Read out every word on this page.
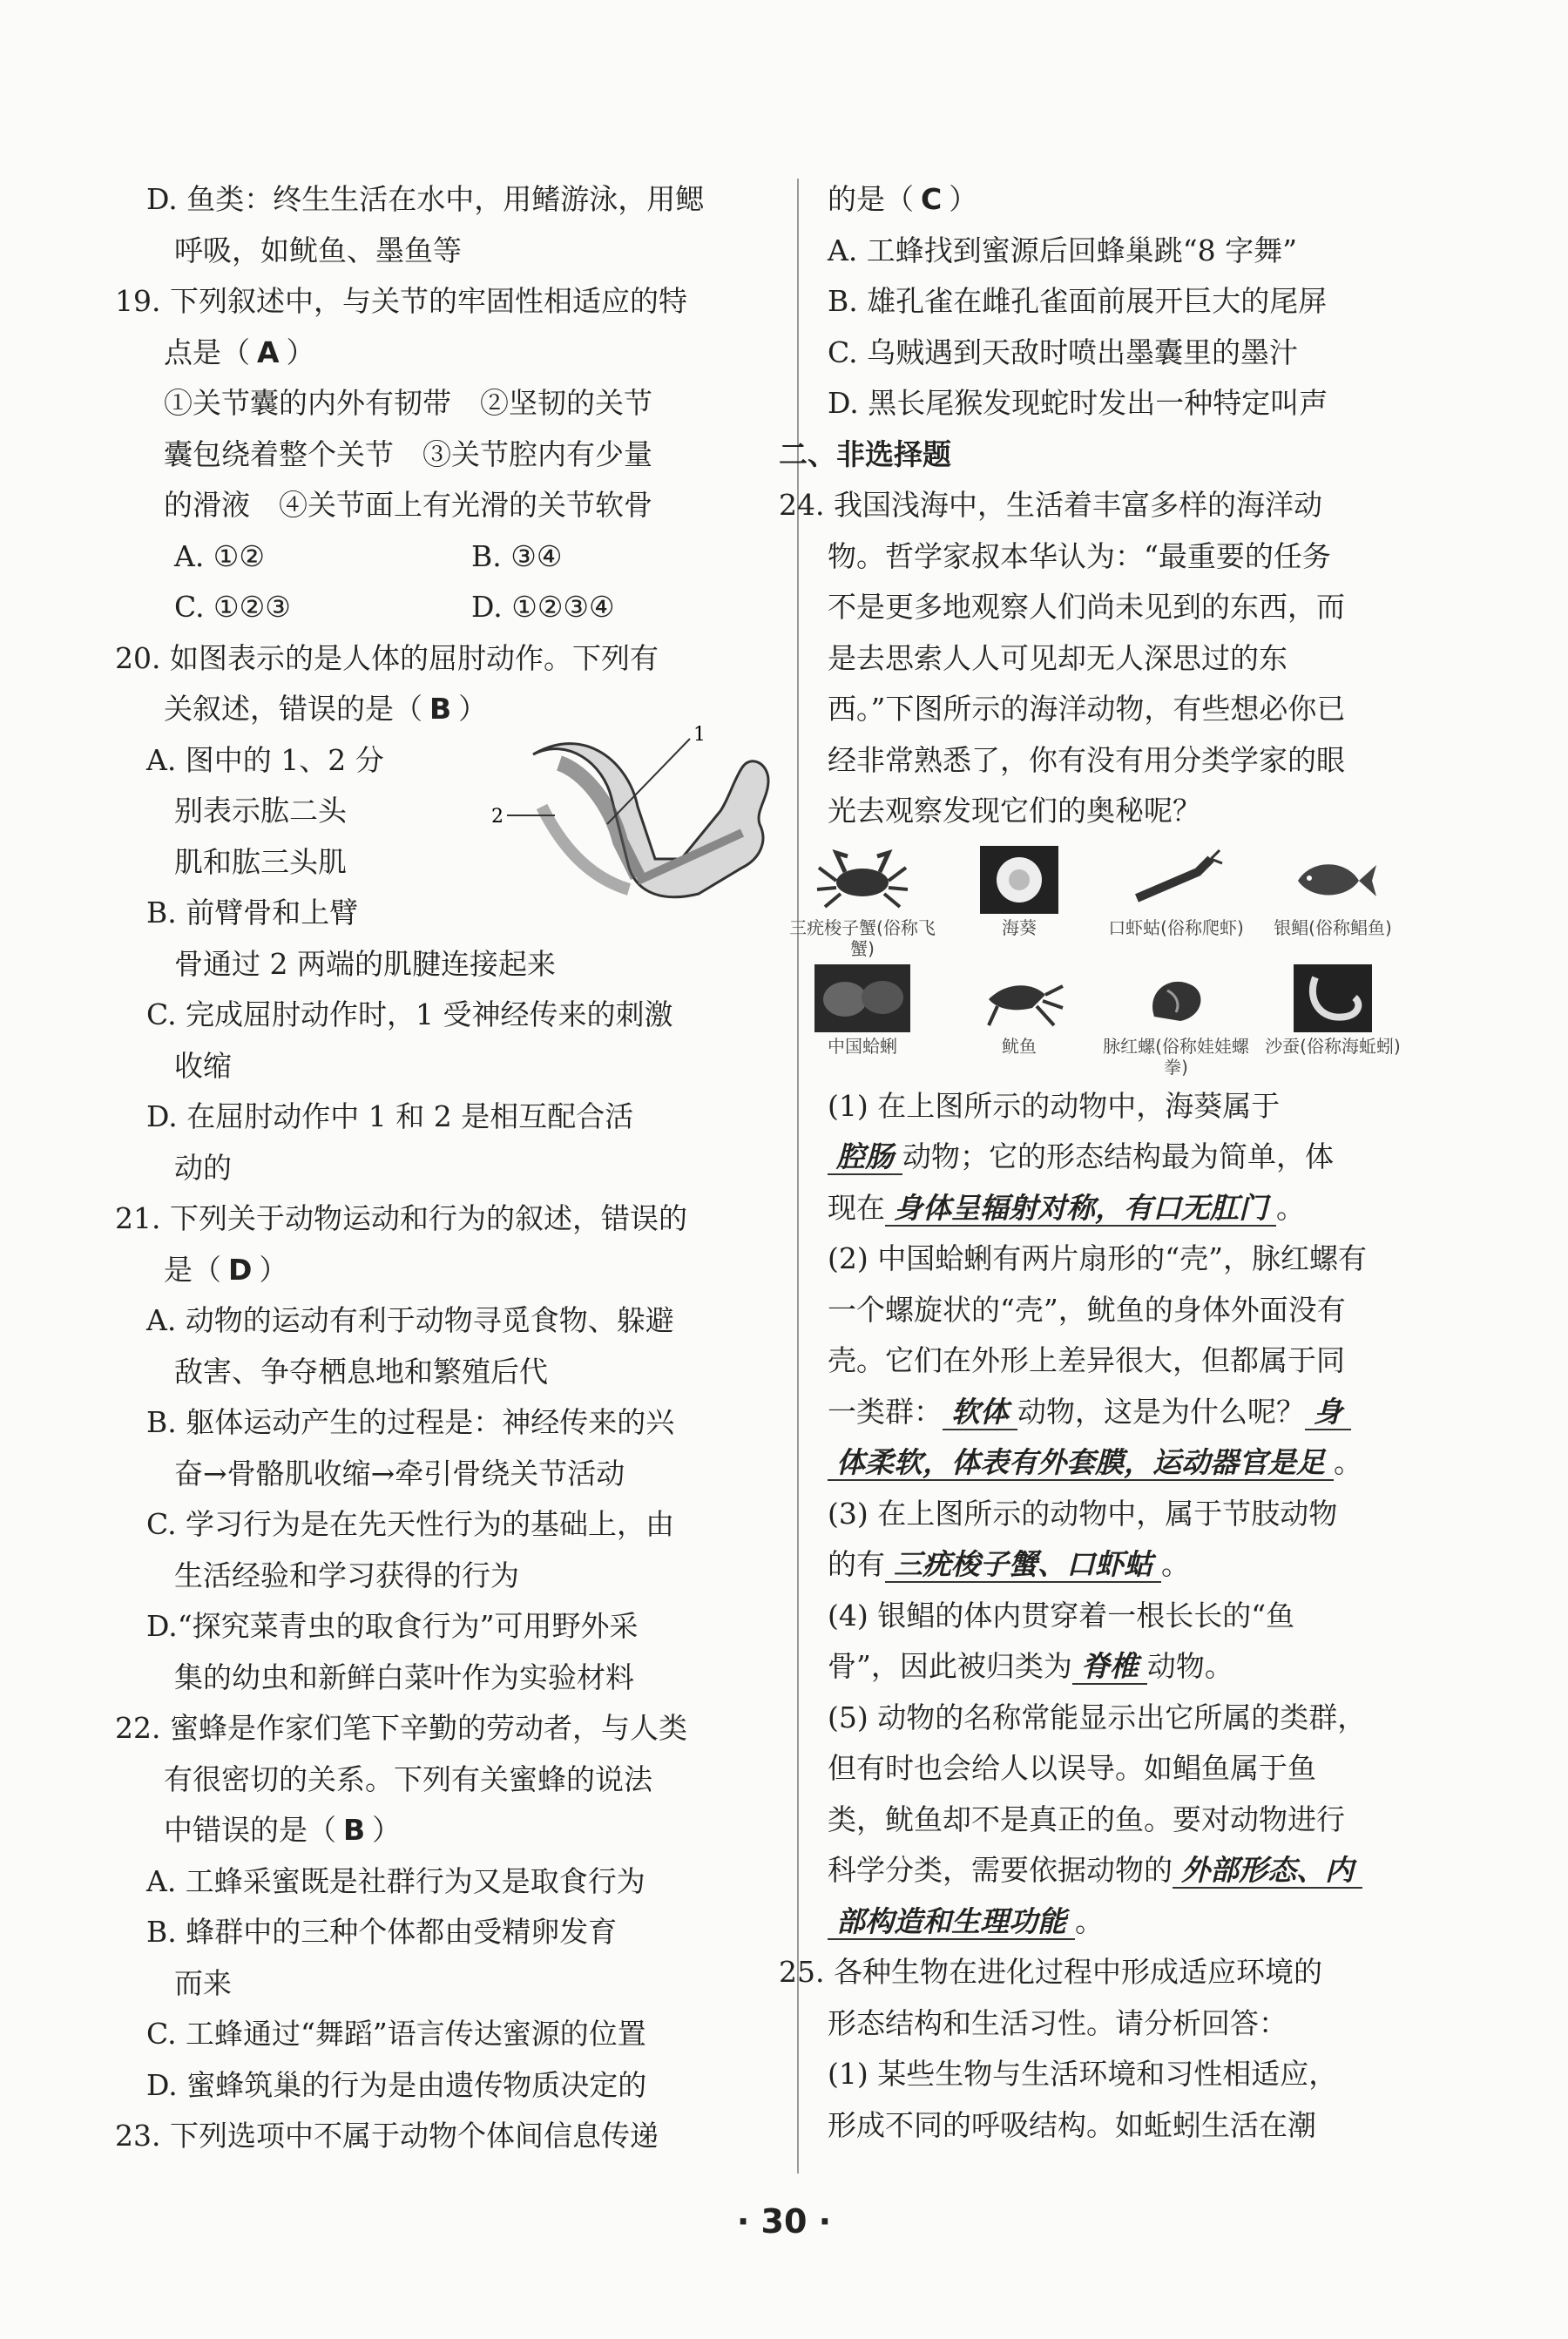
D. 鱼类：终生生活在水中，用鳍游泳，用鳃
呼吸，如鱿鱼、墨鱼等

19. 下列叙述中，与关节的牢固性相适应的特
点是（ A ）

①关节囊的内外有韧带　②坚韧的关节
囊包绕着整个关节　③关节腔内有少量
的滑液　④关节面上有光滑的关节软骨

A. ①②	B. ③④
C. ①②③	D. ①②③④

20. 如图表示的是人体的屈肘动作。下列有
关叙述，错误的是（ B ）

1
2

A. 图中的 1、2 分
别表示肱二头
肌和肱三头肌

B. 前臂骨和上臂
骨通过 2 两端的肌腱连接起来

C. 完成屈肘动作时，1 受神经传来的刺激
收缩

D. 在屈肘动作中 1 和 2 是相互配合活
动的

21. 下列关于动物运动和行为的叙述，错误的
是（ D ）

A. 动物的运动有利于动物寻觅食物、躲避
敌害、争夺栖息地和繁殖后代

B. 躯体运动产生的过程是：神经传来的兴
奋→骨骼肌收缩→牵引骨绕关节活动

C. 学习行为是在先天性行为的基础上，由
生活经验和学习获得的行为

D.“探究菜青虫的取食行为”可用野外采
集的幼虫和新鲜白菜叶作为实验材料

22. 蜜蜂是作家们笔下辛勤的劳动者，与人类
有很密切的关系。下列有关蜜蜂的说法
中错误的是（ B ）

A. 工蜂采蜜既是社群行为又是取食行为

B. 蜂群中的三种个体都由受精卵发育
而来

C. 工蜂通过“舞蹈”语言传达蜜源的位置

D. 蜜蜂筑巢的行为是由遗传物质决定的

23. 下列选项中不属于动物个体间信息传递

的是（ C ）

A. 工蜂找到蜜源后回蜂巢跳“8 字舞”

B. 雄孔雀在雌孔雀面前展开巨大的尾屏

C. 乌贼遇到天敌时喷出墨囊里的墨汁

D. 黑长尾猴发现蛇时发出一种特定叫声

二、非选择题

24. 我国浅海中，生活着丰富多样的海洋动
物。哲学家叔本华认为：“最重要的任务
不是更多地观察人们尚未见到的东西，而
是去思索人人可见却无人深思过的东
西。”下图所示的海洋动物，有些想必你已
经非常熟悉了，你有没有用分类学家的眼
光去观察发现它们的奥秘呢？

三疣梭子蟹(俗称飞蟹)
海葵	口虾蛄(俗称爬虾)	银鲳(俗称鲳鱼)
中国蛤蜊	鱿鱼	脉红螺(俗称娃娃螺拳)
沙蚕(俗称海蚯蚓)

(1) 在上图所示的动物中，海葵属于
腔肠 动物；它的形态结构最为简单，体
现在 身体呈辐射对称，有口无肛门 。

(2) 中国蛤蜊有两片扇形的“壳”，脉红螺有
一个螺旋状的“壳”，鱿鱼的身体外面没有
壳。它们在外形上差异很大，但都属于同
一类群： 软体 动物，这是为什么呢？ 身
体柔软，体表有外套膜，运动器官是足 。

(3) 在上图所示的动物中，属于节肢动物
的有 三疣梭子蟹、口虾蛄 。

(4) 银鲳的体内贯穿着一根长长的“鱼
骨”，因此被归类为 脊椎 动物。

(5) 动物的名称常能显示出它所属的类群，
但有时也会给人以误导。如鲳鱼属于鱼
类，鱿鱼却不是真正的鱼。要对动物进行
科学分类，需要依据动物的 外部形态、内
部构造和生理功能 。

25. 各种生物在进化过程中形成适应环境的
形态结构和生活习性。请分析回答：
(1) 某些生物与生活环境和习性相适应，
形成不同的呼吸结构。如蚯蚓生活在潮

· 30 ·
